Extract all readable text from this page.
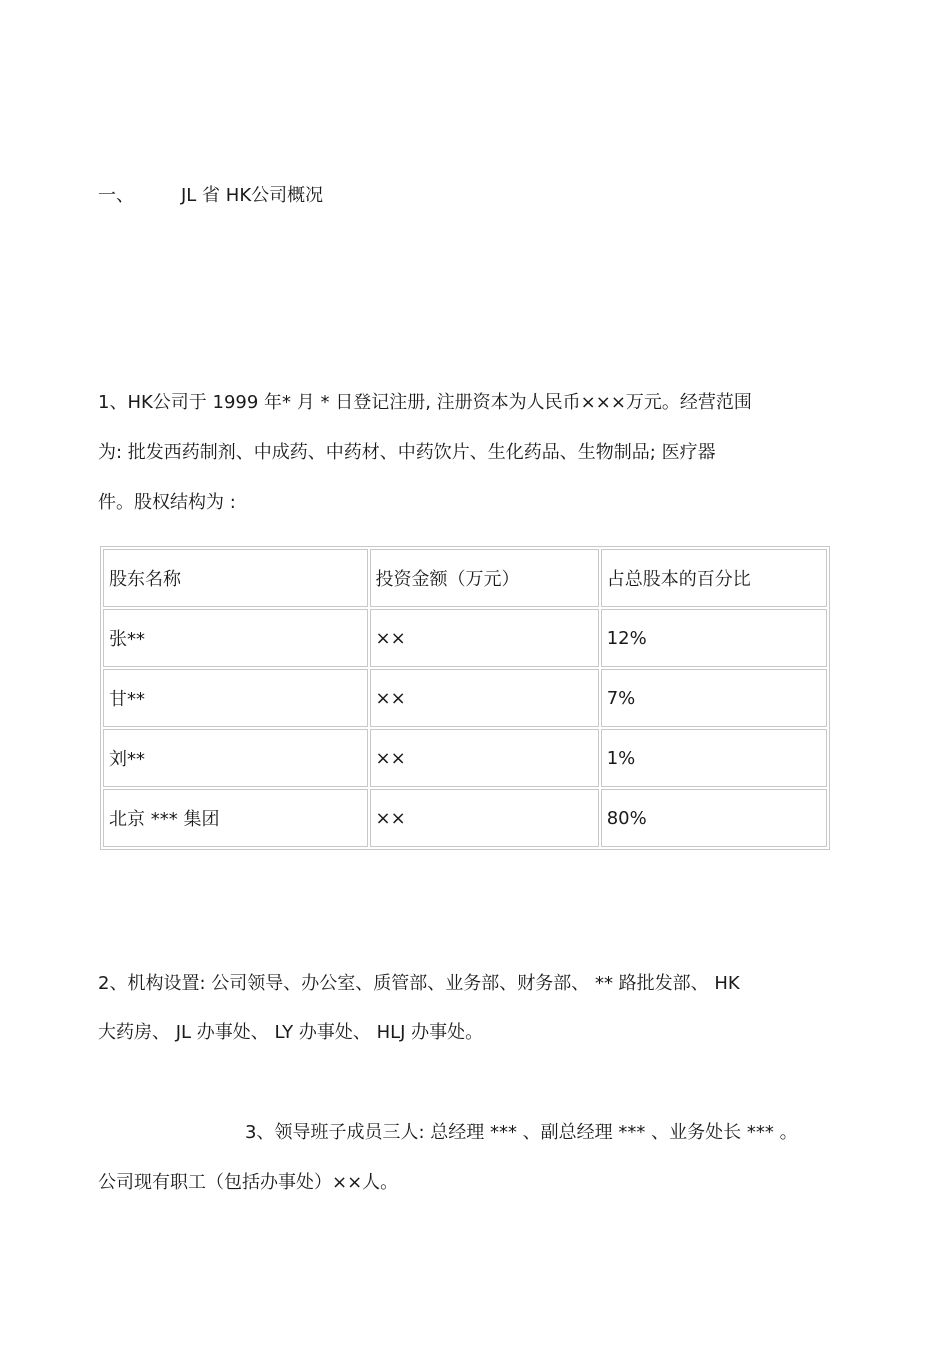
一、	JL 省 HK公司概况
1、HK公司于 1999 年* 月 * 日登记注册, 注册资本为人民币×××万元。经营范围
为: 批发西药制剂、中成药、中药材、中药饮片、生化药品、生物制品; 医疗器
件。股权结构为 :
股东名称	投资金额（万元）	占总股本的百分比
张**	××	12%
甘**	××	7%
刘**	××	1%
北京 *** 集团	××	80%
2、机构设置: 公司领导、办公室、质管部、业务部、财务部、 ** 路批发部、 HK
大药房、 JL 办事处、 LY 办事处、 HLJ 办事处。
3、领导班子成员三人: 总经理 *** 、副总经理 *** 、业务处长 *** 。
公司现有职工（包括办事处）××人。
